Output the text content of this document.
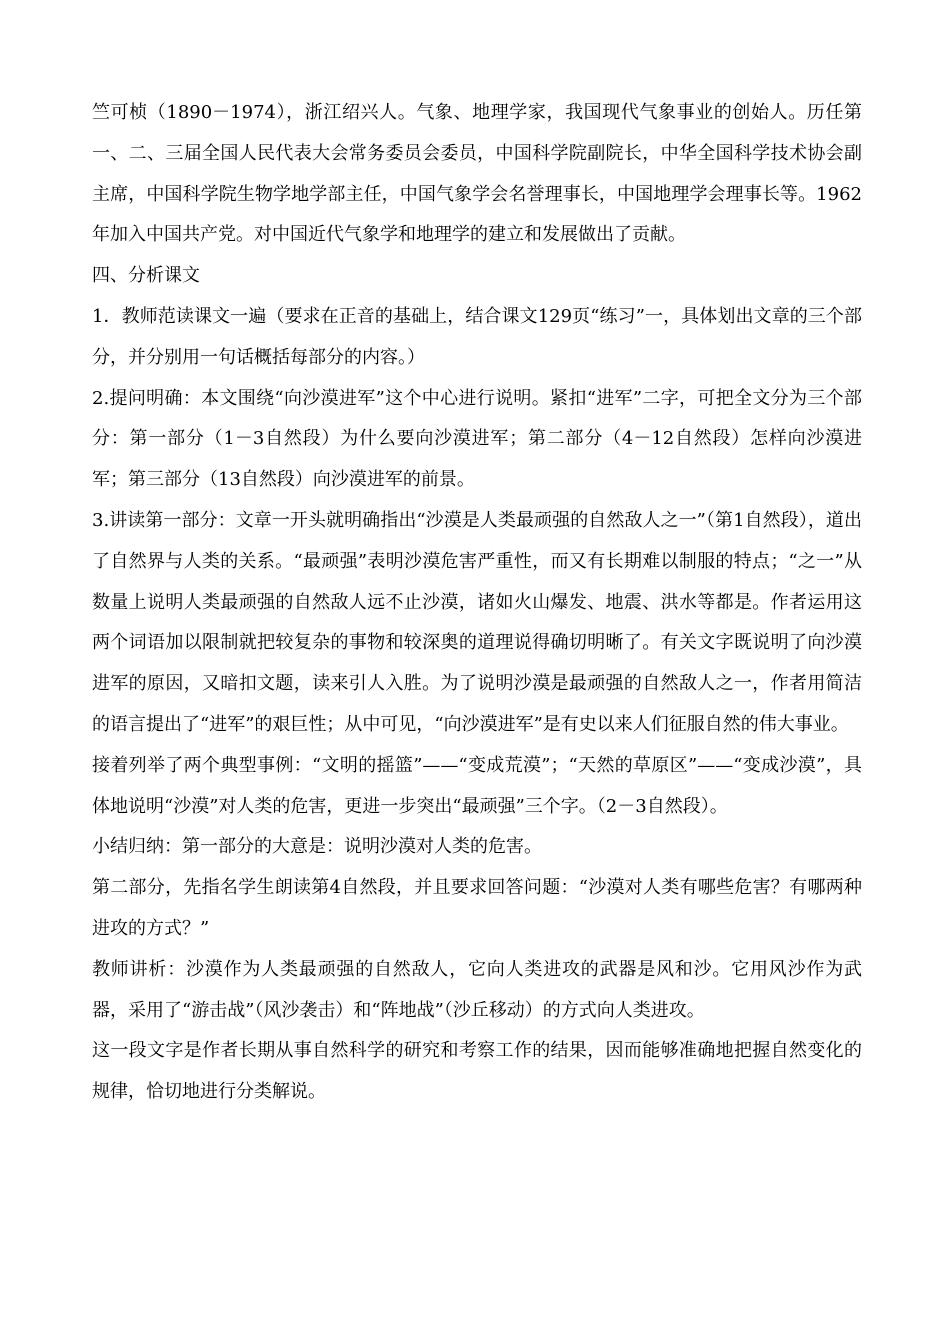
竺可桢（1890－1974），浙江绍兴人。气象、地理学家，我国现代气象事业的创始人。历任第一、二、三届全国人民代表大会常务委员会委员，中国科学院副院长，中华全国科学技术协会副主席，中国科学院生物学地学部主任，中国气象学会名誉理事长，中国地理学会理事长等。1962年加入中国共产党。对中国近代气象学和地理学的建立和发展做出了贡献。

四、分析课文

1．教师范读课文一遍（要求在正音的基础上，结合课文129页“练习”一，具体划出文章的三个部分，并分别用一句话概括每部分的内容。）

2.提问明确：本文围绕“向沙漠进军”这个中心进行说明。紧扣“进军”二字，可把全文分为三个部分：第一部分（1－3自然段）为什么要向沙漠进军；第二部分（4－12自然段）怎样向沙漠进军；第三部分（13自然段）向沙漠进军的前景。

3.讲读第一部分：文章一开头就明确指出“沙漠是人类最顽强的自然敌人之一”（第1自然段），道出了自然界与人类的关系。“最顽强”表明沙漠危害严重性，而又有长期难以制服的特点；“之一”从数量上说明人类最顽强的自然敌人远不止沙漠，诸如火山爆发、地震、洪水等都是。作者运用这两个词语加以限制就把较复杂的事物和较深奥的道理说得确切明晰了。有关文字既说明了向沙漠进军的原因，又暗扣文题，读来引人入胜。为了说明沙漠是最顽强的自然敌人之一，作者用简洁的语言提出了“进军”的艰巨性；从中可见，“向沙漠进军”是有史以来人们征服自然的伟大事业。

接着列举了两个典型事例：“文明的摇篮”——“变成荒漠”；“天然的草原区”——“变成沙漠”，具体地说明“沙漠”对人类的危害，更进一步突出“最顽强”三个字。（2－3自然段）。

小结归纳：第一部分的大意是：说明沙漠对人类的危害。

第二部分，先指名学生朗读第4自然段，并且要求回答问题：“沙漠对人类有哪些危害？有哪两种进攻的方式？”

教师讲析：沙漠作为人类最顽强的自然敌人，它向人类进攻的武器是风和沙。它用风沙作为武器，采用了“游击战”（风沙袭击）和“阵地战”（沙丘移动）的方式向人类进攻。

这一段文字是作者长期从事自然科学的研究和考察工作的结果，因而能够准确地把握自然变化的规律，恰切地进行分类解说。
